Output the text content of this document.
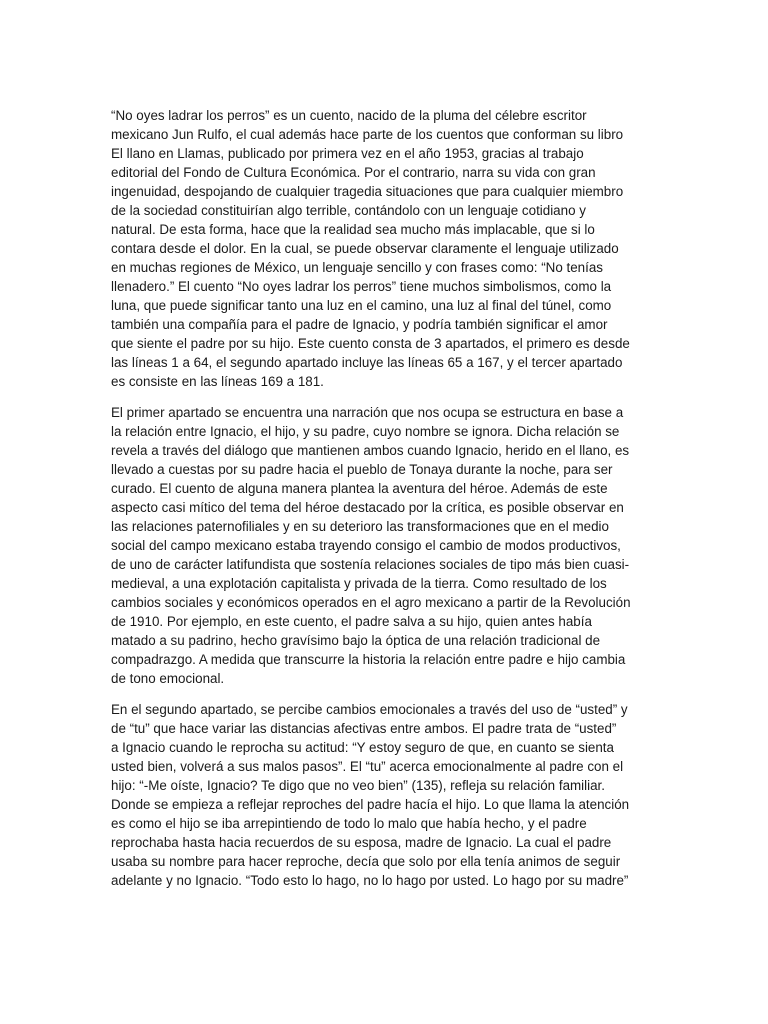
“No oyes ladrar los perros” es un cuento, nacido de la pluma del célebre escritor
mexicano Jun Rulfo, el cual además hace parte de los cuentos que conforman su libro
El llano en Llamas, publicado por primera vez en el año 1953, gracias al trabajo
editorial del Fondo de Cultura Económica. Por el contrario, narra su vida con gran
ingenuidad, despojando de cualquier tragedia situaciones que para cualquier miembro
de la sociedad constituirían algo terrible, contándolo con un lenguaje cotidiano y
natural. De esta forma, hace que la realidad sea mucho más implacable, que si lo
contara desde el dolor. En la cual, se puede observar claramente el lenguaje utilizado
en muchas regiones de México, un lenguaje sencillo y con frases como: “No tenías
llenadero.” El cuento “No oyes ladrar los perros” tiene muchos simbolismos, como la
luna, que puede significar tanto una luz en el camino, una luz al final del túnel, como
también una compañía para el padre de Ignacio, y podría también significar el amor
que siente el padre por su hijo. Este cuento consta de 3 apartados, el primero es desde
las líneas 1 a 64, el segundo apartado incluye las líneas 65 a 167, y el tercer apartado
es consiste en las líneas 169 a 181.

El primer apartado se encuentra una narración que nos ocupa se estructura en base a
la relación entre Ignacio, el hijo, y su padre, cuyo nombre se ignora. Dicha relación se
revela a través del diálogo que mantienen ambos cuando Ignacio, herido en el llano, es
llevado a cuestas por su padre hacia el pueblo de Tonaya durante la noche, para ser
curado. El cuento de alguna manera plantea la aventura del héroe. Además de este
aspecto casi mítico del tema del héroe destacado por la crítica, es posible observar en
las relaciones paternofiliales y en su deterioro las transformaciones que en el medio
social del campo mexicano estaba trayendo consigo el cambio de modos productivos,
de uno de carácter latifundista que sostenía relaciones sociales de tipo más bien cuasi-
medieval, a una explotación capitalista y privada de la tierra. Como resultado de los
cambios sociales y económicos operados en el agro mexicano a partir de la Revolución
de 1910. Por ejemplo, en este cuento, el padre salva a su hijo, quien antes había
matado a su padrino, hecho gravísimo bajo la óptica de una relación tradicional de
compadrazgo. A medida que transcurre la historia la relación entre padre e hijo cambia
de tono emocional.

En el segundo apartado, se percibe cambios emocionales a través del uso de “usted” y
de “tu” que hace variar las distancias afectivas entre ambos. El padre trata de “usted”
a Ignacio cuando le reprocha su actitud: “Y estoy seguro de que, en cuanto se sienta
usted bien, volverá a sus malos pasos”. El “tu” acerca emocionalmente al padre con el
hijo: “-Me oíste, Ignacio? Te digo que no veo bien” (135), refleja su relación familiar.
Donde se empieza a reflejar reproches del padre hacía el hijo. Lo que llama la atención
es como el hijo se iba arrepintiendo de todo lo malo que había hecho, y el padre
reprochaba hasta hacia recuerdos de su esposa, madre de Ignacio. La cual el padre
usaba su nombre para hacer reproche, decía que solo por ella tenía animos de seguir
adelante y no Ignacio. “Todo esto lo hago, no lo hago por usted. Lo hago por su madre”
